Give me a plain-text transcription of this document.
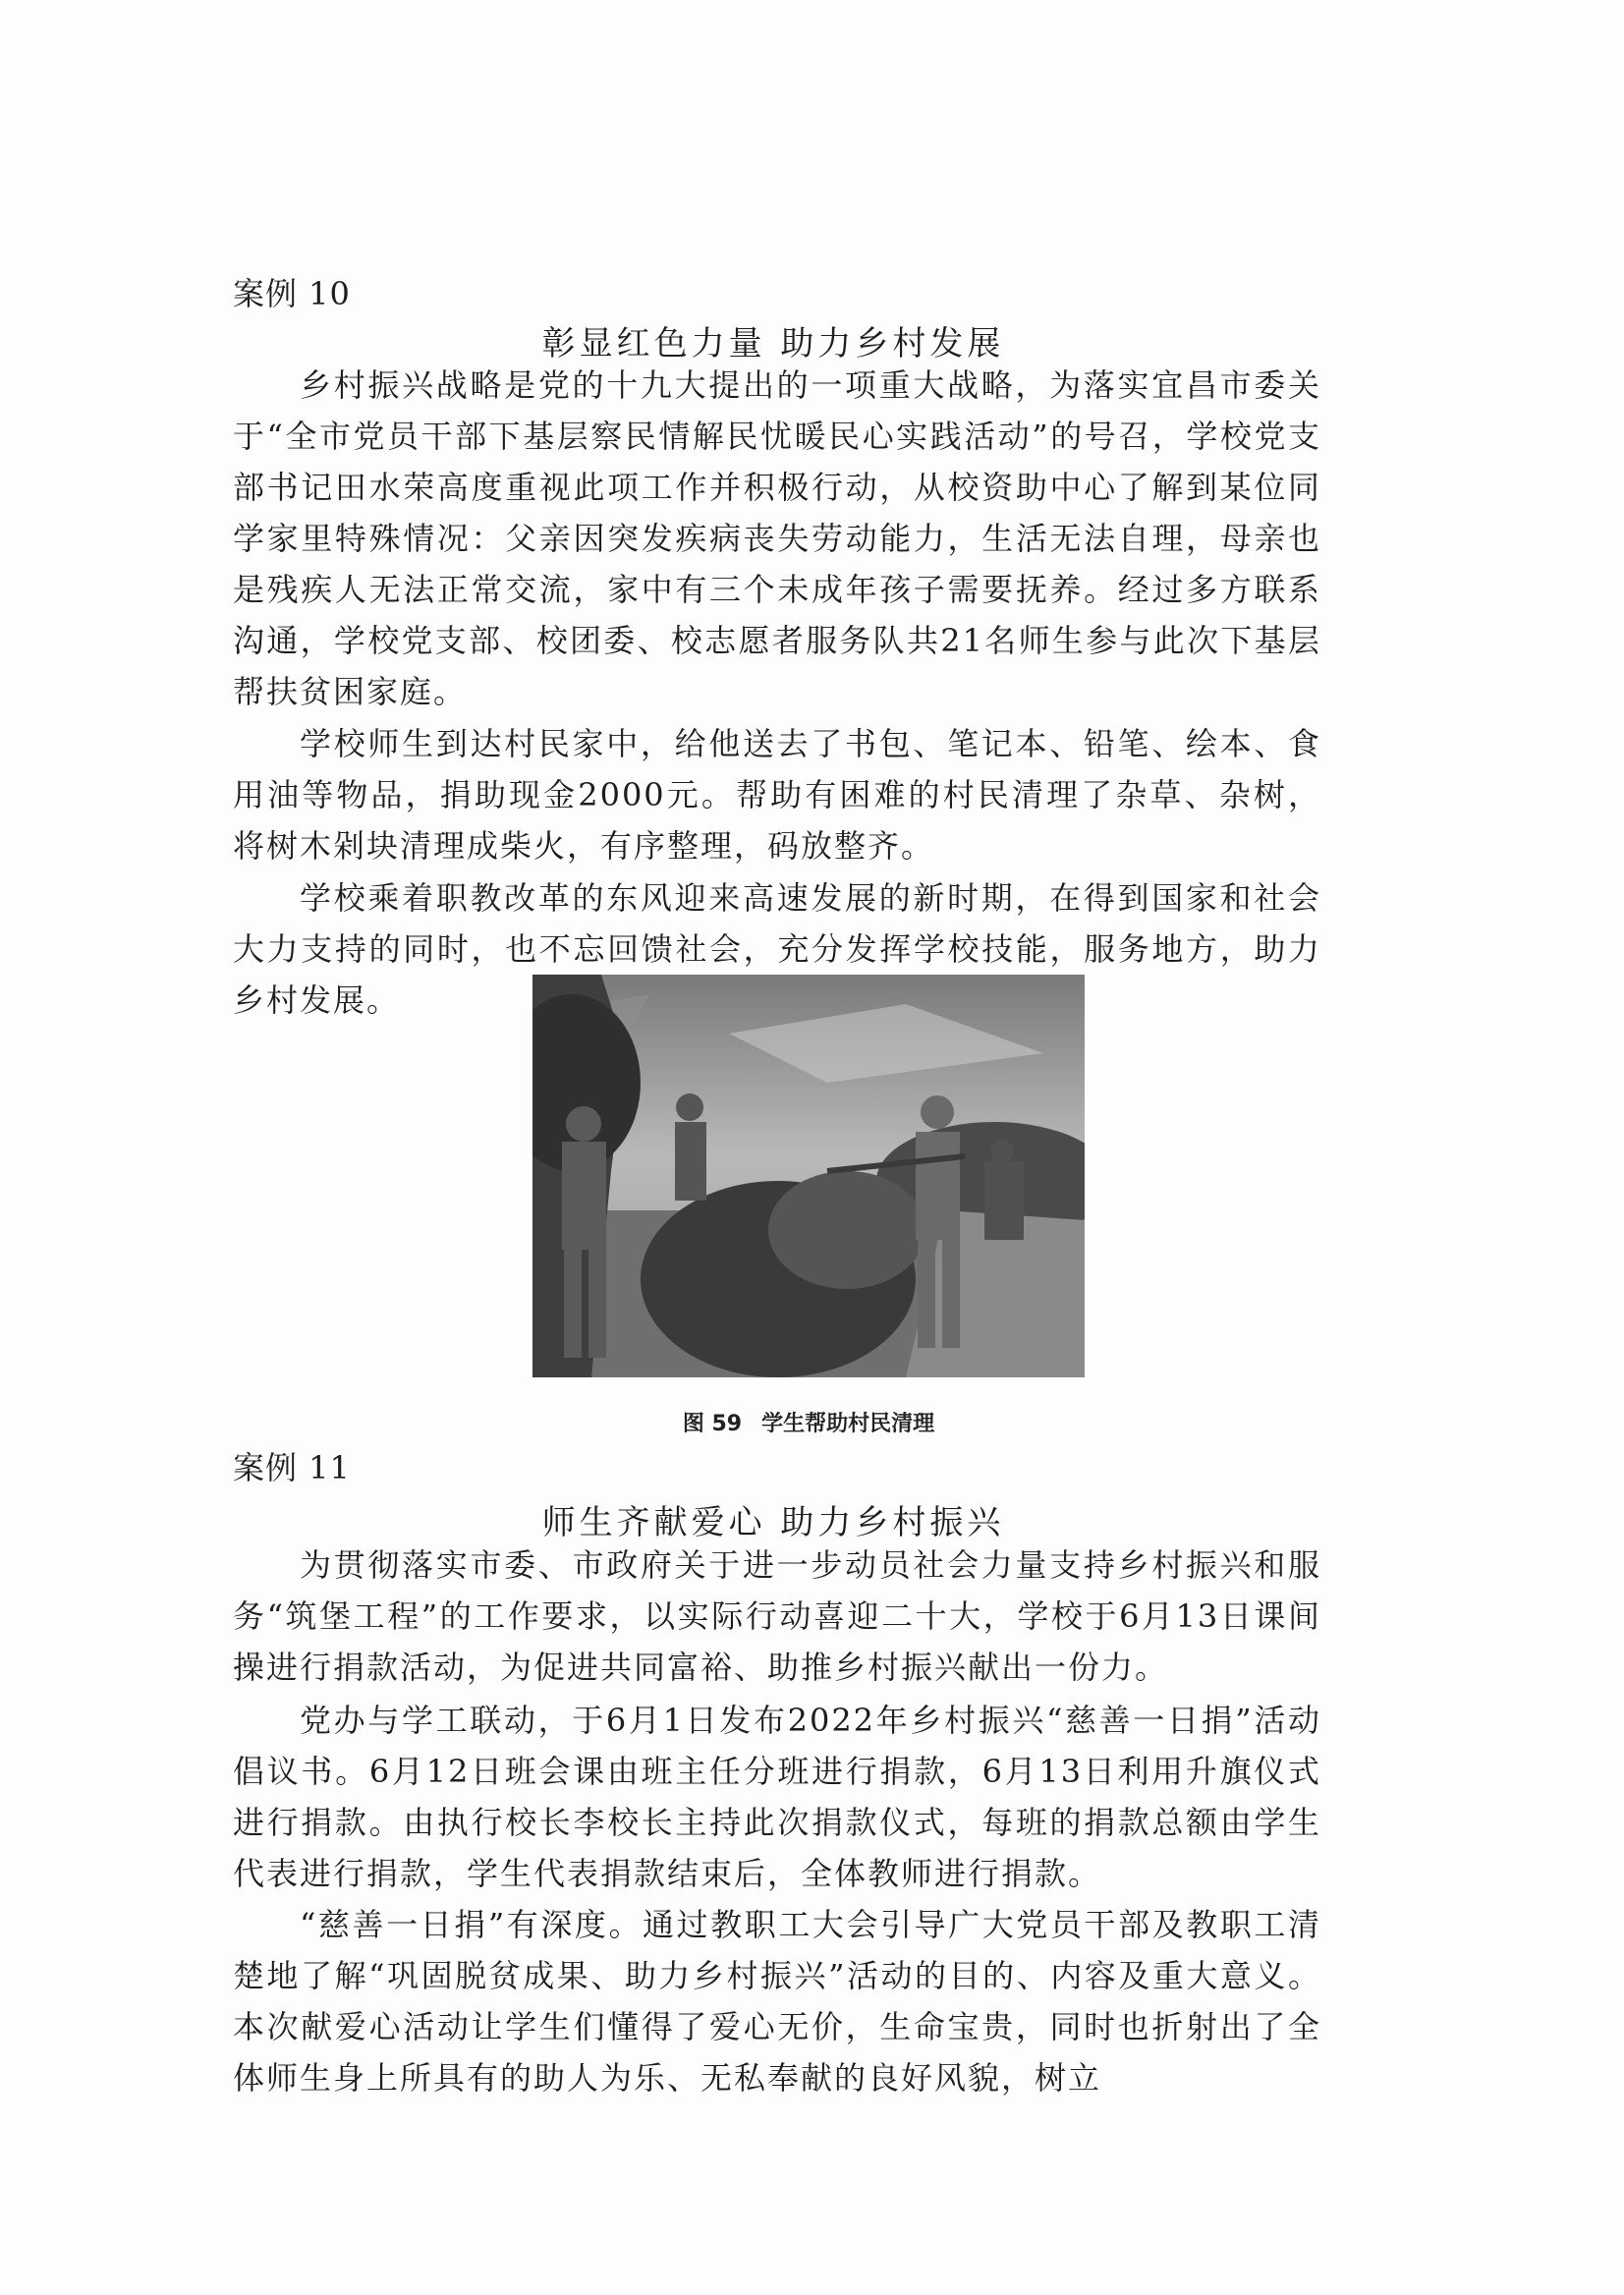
案例 10
彰显红色力量 助力乡村发展

乡村振兴战略是党的十九大提出的一项重大战略，为落实宜昌市委关于“全市党员干部下基层察民情解民忧暖民心实践活动”的号召，学校党支部书记田水荣高度重视此项工作并积极行动，从校资助中心了解到某位同学家里特殊情况：父亲因突发疾病丧失劳动能力，生活无法自理，母亲也是残疾人无法正常交流，家中有三个未成年孩子需要抚养。经过多方联系沟通，学校党支部、校团委、校志愿者服务队共21名师生参与此次下基层帮扶贫困家庭。

学校师生到达村民家中，给他送去了书包、笔记本、铅笔、绘本、食用油等物品，捐助现金2000元。帮助有困难的村民清理了杂草、杂树，将树木剁块清理成柴火，有序整理，码放整齐。

学校乘着职教改革的东风迎来高速发展的新时期，在得到国家和社会大力支持的同时，也不忘回馈社会，充分发挥学校技能，服务地方，助力乡村发展。

图 59 学生帮助村民清理
案例 11
师生齐献爱心 助力乡村振兴

为贯彻落实市委、市政府关于进一步动员社会力量支持乡村振兴和服务“筑堡工程”的工作要求，以实际行动喜迎二十大，学校于6月13日课间操进行捐款活动，为促进共同富裕、助推乡村振兴献出一份力。

党办与学工联动，于6月1日发布2022年乡村振兴“慈善一日捐”活动倡议书。6月12日班会课由班主任分班进行捐款，6月13日利用升旗仪式进行捐款。由执行校长李校长主持此次捐款仪式，每班的捐款总额由学生代表进行捐款，学生代表捐款结束后，全体教师进行捐款。

“慈善一日捐”有深度。通过教职工大会引导广大党员干部及教职工清楚地了解“巩固脱贫成果、助力乡村振兴”活动的目的、内容及重大意义。本次献爱心活动让学生们懂得了爱心无价，生命宝贵，同时也折射出了全体师生身上所具有的助人为乐、无私奉献的良好风貌，树立
